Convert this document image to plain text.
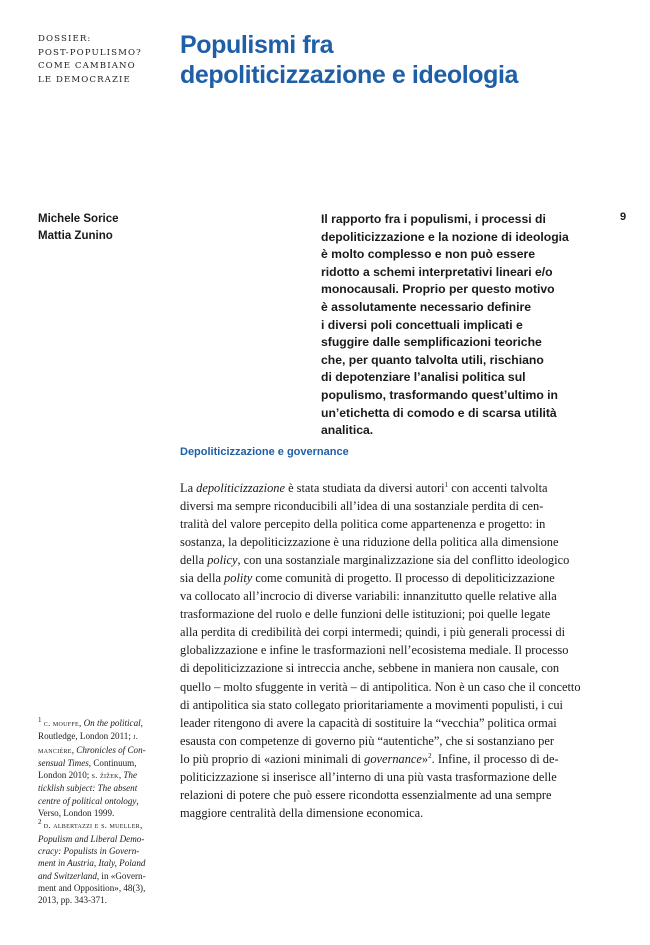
DOSSIER:
POST-POPULISMO?
COME CAMBIANO
LE DEMOCRAZIE
Populismi fra
depoliticizzazione e ideologia
Michele Sorice
Mattia Zunino
9
Il rapporto fra i populismi, i processi di
depoliticizzazione e la nozione di ideologia
è molto complesso e non può essere
ridotto a schemi interpretativi lineari e/o
monocausali. Proprio per questo motivo
è assolutamente necessario definire
i diversi poli concettuali implicati e
sfuggire dalle semplificazioni teoriche
che, per quanto talvolta utili, rischiano
di depotenziare l’analisi politica sul
populismo, trasformando quest’ultimo in
un’etichetta di comodo e di scarsa utilità
analitica.
Depoliticizzazione e governance
La depoliticizzazione è stata studiata da diversi autori$^1$ con accenti talvolta
diversi ma sempre riconducibili all’idea di una sostanziale perdita di cen-
tralità del valore percepito della politica come appartenenza e progetto: in
sostanza, la depoliticizzazione è una riduzione della politica alla dimensione
della policy, con una sostanziale marginalizzazione sia del conflitto ideologico
sia della polity come comunità di progetto. Il processo di depoliticizzazione
va collocato all’incrocio di diverse variabili: innanzitutto quelle relative alla
trasformazione del ruolo e delle funzioni delle istituzioni; poi quelle legate
alla perdita di credibilità dei corpi intermedi; quindi, i più generali processi di
globalizzazione e infine le trasformazioni nell’ecosistema mediale. Il processo
di depoliticizzazione si intreccia anche, sebbene in maniera non causale, con
quello – molto sfuggente in verità – di antipolitica. Non è un caso che il concetto
di antipolitica sia stato collegato prioritariamente a movimenti populisti, i cui
leader ritengono di avere la capacità di sostituire la “vecchia” politica ormai
esausta con competenze di governo più “autentiche”, che si sostanziano per
lo più proprio di «azioni minimali di governance»$^2$. Infine, il processo di de-
politicizzazione si inserisce all’interno di una più vasta trasformazione delle
relazioni di potere che può essere ricondotta essenzialmente ad una sempre
maggiore centralità della dimensione economica.
$^1$ c. mouffe, On the political,
Routledge, London 2011; j.
mancière, Chronicles of Con-
sensual Times, Continuum,
London 2010; s. žižek, The
ticklish subject: The absent
centre of political ontology,
Verso, London 1999.
$^2$ d. albertazzi e s. mueller,
Populism and Liberal Demo-
cracy: Populists in Govern-
ment in Austria, Italy, Poland
and Switzerland, in «Govern-
ment and Opposition», 48(3),
2013, pp. 343-371.
